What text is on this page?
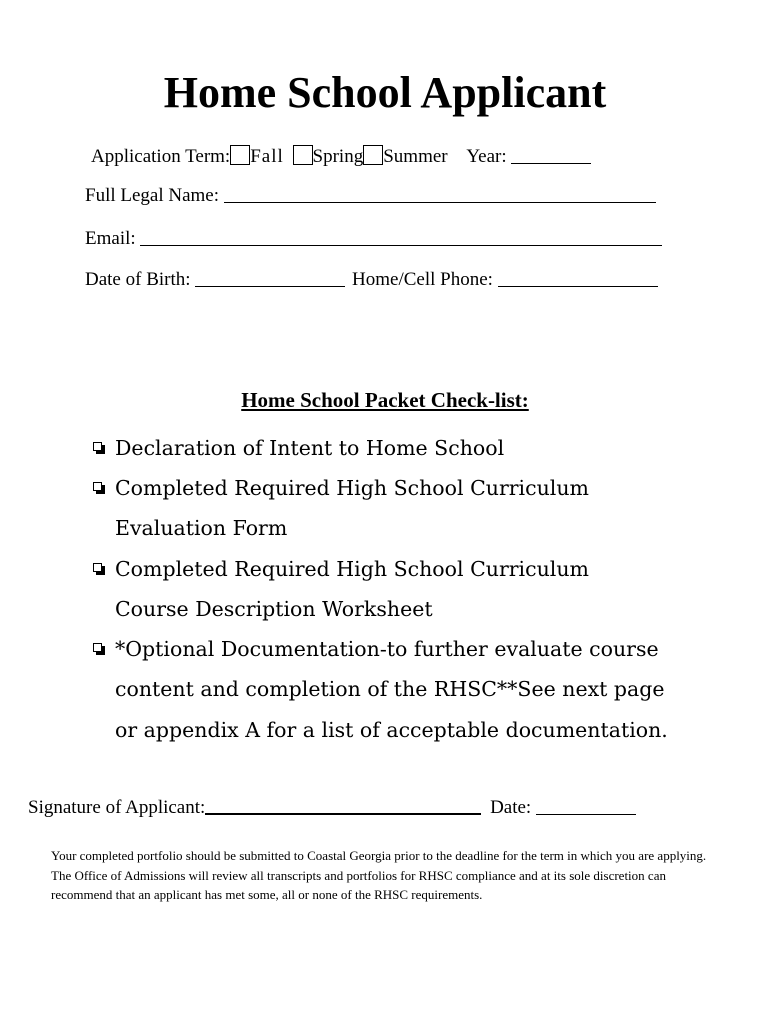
Home School Applicant
Application Term: Fall Spring Summer Year:
Full Legal Name:
Email:
Date of Birth:	Home/Cell Phone:
Home School Packet Check-list:
Declaration of Intent to Home School
Completed Required High School Curriculum Evaluation Form
Completed Required High School Curriculum Course Description Worksheet
*Optional Documentation-to further evaluate course content and completion of the RHSC**See next page or appendix A for a list of acceptable documentation.
Signature of Applicant:	Date:
Your completed portfolio should be submitted to Coastal Georgia prior to the deadline for the term in which you are applying. The Office of Admissions will review all transcripts and portfolios for RHSC compliance and at its sole discretion can recommend that an applicant has met some, all or none of the RHSC requirements.
